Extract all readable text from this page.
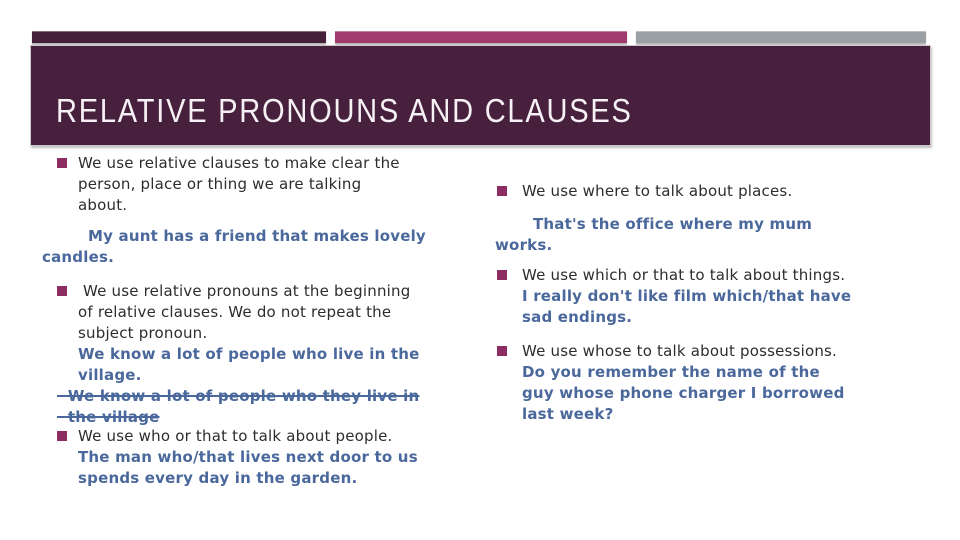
RELATIVE PRONOUNS AND CLAUSES
We use relative clauses to make clear the
person, place or thing we are talking
about.
My aunt has a friend that makes lovely
candles.
We use relative pronouns at the beginning
of relative clauses. We do not repeat the
subject pronoun.
We know a lot of people who live in the
village.
We know a lot of people who they live in
the village
We use who or that to talk about people.
The man who/that lives next door to us
spends every day in the garden.
We use where to talk about places.
That's the office where my mum
works.
We use which or that to talk about things.
I really don't like film which/that have
sad endings.
We use whose to talk about possessions.
Do you remember the name of the
guy whose phone charger I borrowed
last week?
